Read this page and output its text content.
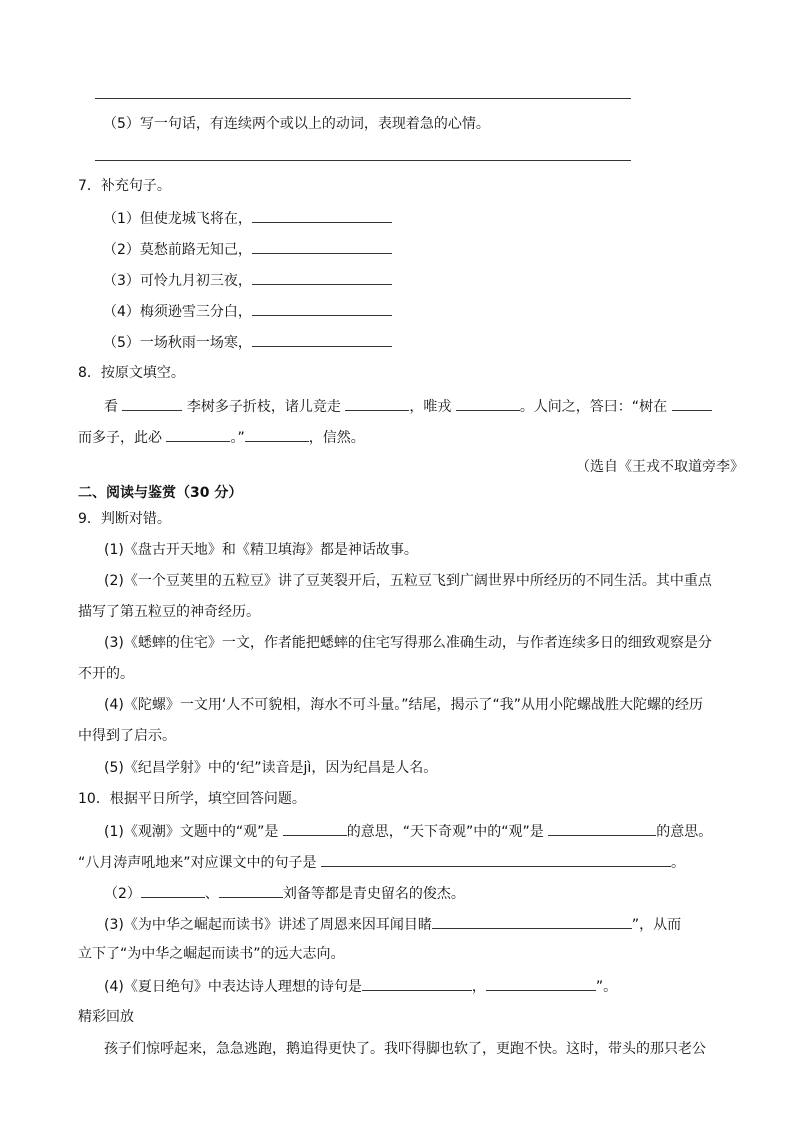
（5）写一句话，有连续两个或以上的动词，表现着急的心情。
7．补充句子。
（1）但使龙城飞将在，
（2）莫愁前路无知己，
（3）可怜九月初三夜，
（4）梅须逊雪三分白，
（5）一场秋雨一场寒，
8．按原文填空。
看	李树多子折枝，诸儿竞走	，唯戎	。人问之，答曰：“树在
而多子，此必	。”	，信然。
（选自《王戎不取道旁李》
二、阅读与鉴赏（30 分）
9．判断对错。
(1)《盘古开天地》和《精卫填海》都是神话故事。
(2)《一个豆荚里的五粒豆》讲了豆荚裂开后，五粒豆飞到广阔世界中所经历的不同生活。其中重点
描写了第五粒豆的神奇经历。
(3)《蟋蟀的住宅》一文，作者能把蟋蟀的住宅写得那么准确生动，与作者连续多日的细致观察是分
不开的。
(4)《陀螺》一文用‘人不可貌相，海水不可斗量。”结尾，揭示了“我”从用小陀螺战胜大陀螺的经历
中得到了启示。
(5)《纪昌学射》中的‘纪”读音是jì，因为纪昌是人名。
10．根据平日所学，填空回答问题。
(1)《观潮》文题中的“观”是	的意思，“天下奇观”中的“观”是	的意思。
“八月涛声吼地来”对应课文中的句子是	。
（2）	、	刘备等都是青史留名的俊杰。
(3)《为中华之崛起而读书》讲述了周恩来因耳闻目睹	”，从而
立下了“为中华之崛起而读书”的远大志向。
(4)《夏日绝句》中表达诗人理想的诗句是	，	”。
精彩回放
孩子们惊呼起来，急急逃跑，鹅追得更快了。我吓得脚也软了，更跑不快。这时，带头的那只老公
